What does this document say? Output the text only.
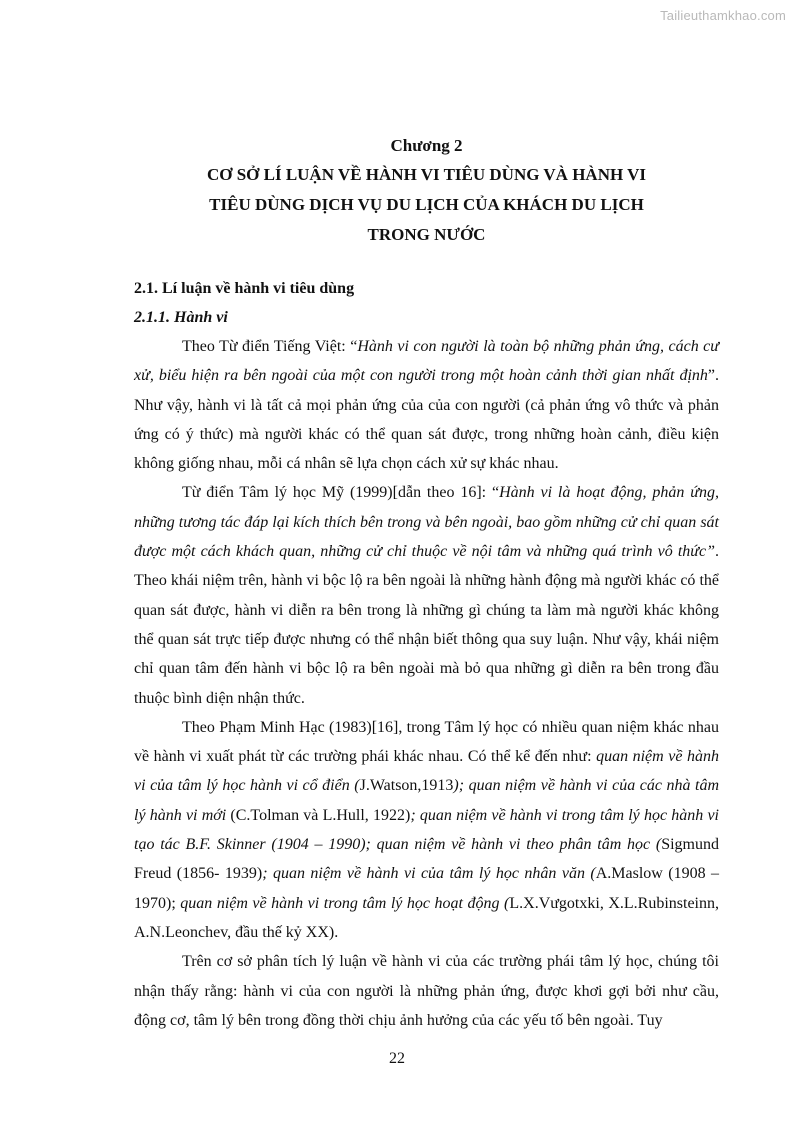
Tailieuthamkhao.com
Chương 2
CƠ SỞ LÍ LUẬN VỀ HÀNH VI TIÊU DÙNG VÀ HÀNH VI
TIÊU DÙNG DỊCH VỤ DU LỊCH CỦA KHÁCH DU LỊCH
TRONG NƯỚC
2.1. Lí luận về hành vi tiêu dùng
2.1.1. Hành vi

Theo Từ điển Tiếng Việt: “Hành vi con người là toàn bộ những phản ứng, cách cư xử, biểu hiện ra bên ngoài của một con người trong một hoàn cảnh thời gian nhất định”. Như vậy, hành vi là tất cả mọi phản ứng của của con người (cả phản ứng vô thức và phản ứng có ý thức) mà người khác có thể quan sát được, trong những hoàn cảnh, điều kiện không giống nhau, mỗi cá nhân sẽ lựa chọn cách xử sự khác nhau.

Từ điển Tâm lý học Mỹ (1999)[dẫn theo 16]: “Hành vi là hoạt động, phản ứng, những tương tác đáp lại kích thích bên trong và bên ngoài, bao gồm những cử chỉ quan sát được một cách khách quan, những cử chỉ thuộc về nội tâm và những quá trình vô thức”. Theo khái niệm trên, hành vi bộc lộ ra bên ngoài là những hành động mà người khác có thể quan sát được, hành vi diễn ra bên trong là những gì chúng ta làm mà người khác không thể quan sát trực tiếp được nhưng có thể nhận biết thông qua suy luận. Như vậy, khái niệm chỉ quan tâm đến hành vi bộc lộ ra bên ngoài mà bỏ qua những gì diễn ra bên trong đầu thuộc bình diện nhận thức.

Theo Phạm Minh Hạc (1983)[16], trong Tâm lý học có nhiều quan niệm khác nhau về hành vi xuất phát từ các trường phái khác nhau. Có thể kể đến như: quan niệm về hành vi của tâm lý học hành vi cổ điển (J.Watson,1913); quan niệm về hành vi của các nhà tâm lý hành vi mới (C.Tolman và L.Hull, 1922); quan niệm về hành vi trong tâm lý học hành vi tạo tác B.F. Skinner (1904 – 1990); quan niệm về hành vi theo phân tâm học (Sigmund Freud (1856- 1939); quan niệm về hành vi của tâm lý học nhân văn (A.Maslow (1908 – 1970); quan niệm về hành vi trong tâm lý học hoạt động (L.X.Vưgotxki, X.L.Rubinsteinn, A.N.Leonchev, đầu thế kỷ XX).

Trên cơ sở phân tích lý luận về hành vi của các trường phái tâm lý học, chúng tôi nhận thấy rằng: hành vi của con người là những phản ứng, được khơi gợi bởi như cầu, động cơ, tâm lý bên trong đồng thời chịu ảnh hưởng của các yếu tố bên ngoài. Tuy

22
